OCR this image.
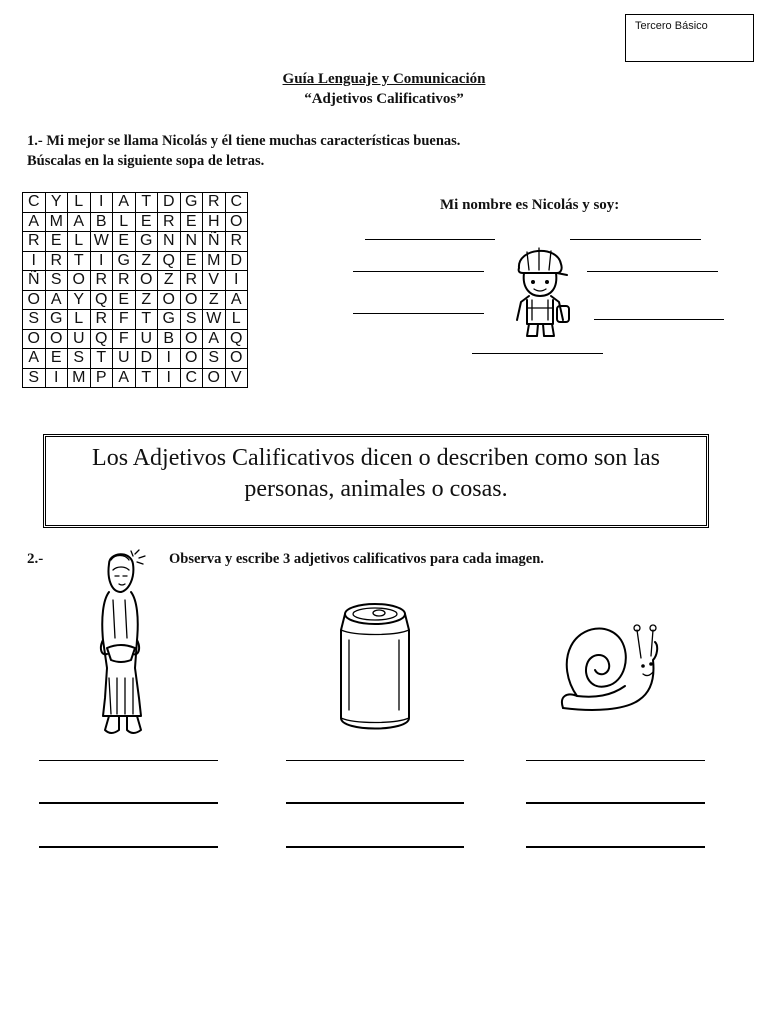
Tercero Básico
Guía Lenguaje y Comunicación
“Adjetivos Calificativos”
1.- Mi mejor se llama Nicolás y él tiene muchas características buenas.
Búscalas en la siguiente sopa de letras.
C	Y	L	I	A	T	D	G	R	C
A	M	A	B	L	E	R	E	H	O
R	E	L	W	E	G	N	N	Ñ	R
I	R	T	I	G	Z	Q	E	M	D
Ñ	S	O	R	R	O	Z	R	V	I
O	A	Y	Q	E	Z	O	O	Z	A
S	G	L	R	F	T	G	S	W	L
O	O	U	Q	F	U	B	O	A	Q
A	E	S	T	U	D	I	O	S	O
S	I	M	P	A	T	I	C	O	V
Mi nombre es Nicolás y soy:
Los Adjetivos Calificativos dicen o describen como son las personas, animales o cosas.
2.-	Observa y escribe 3 adjetivos calificativos para cada imagen.
